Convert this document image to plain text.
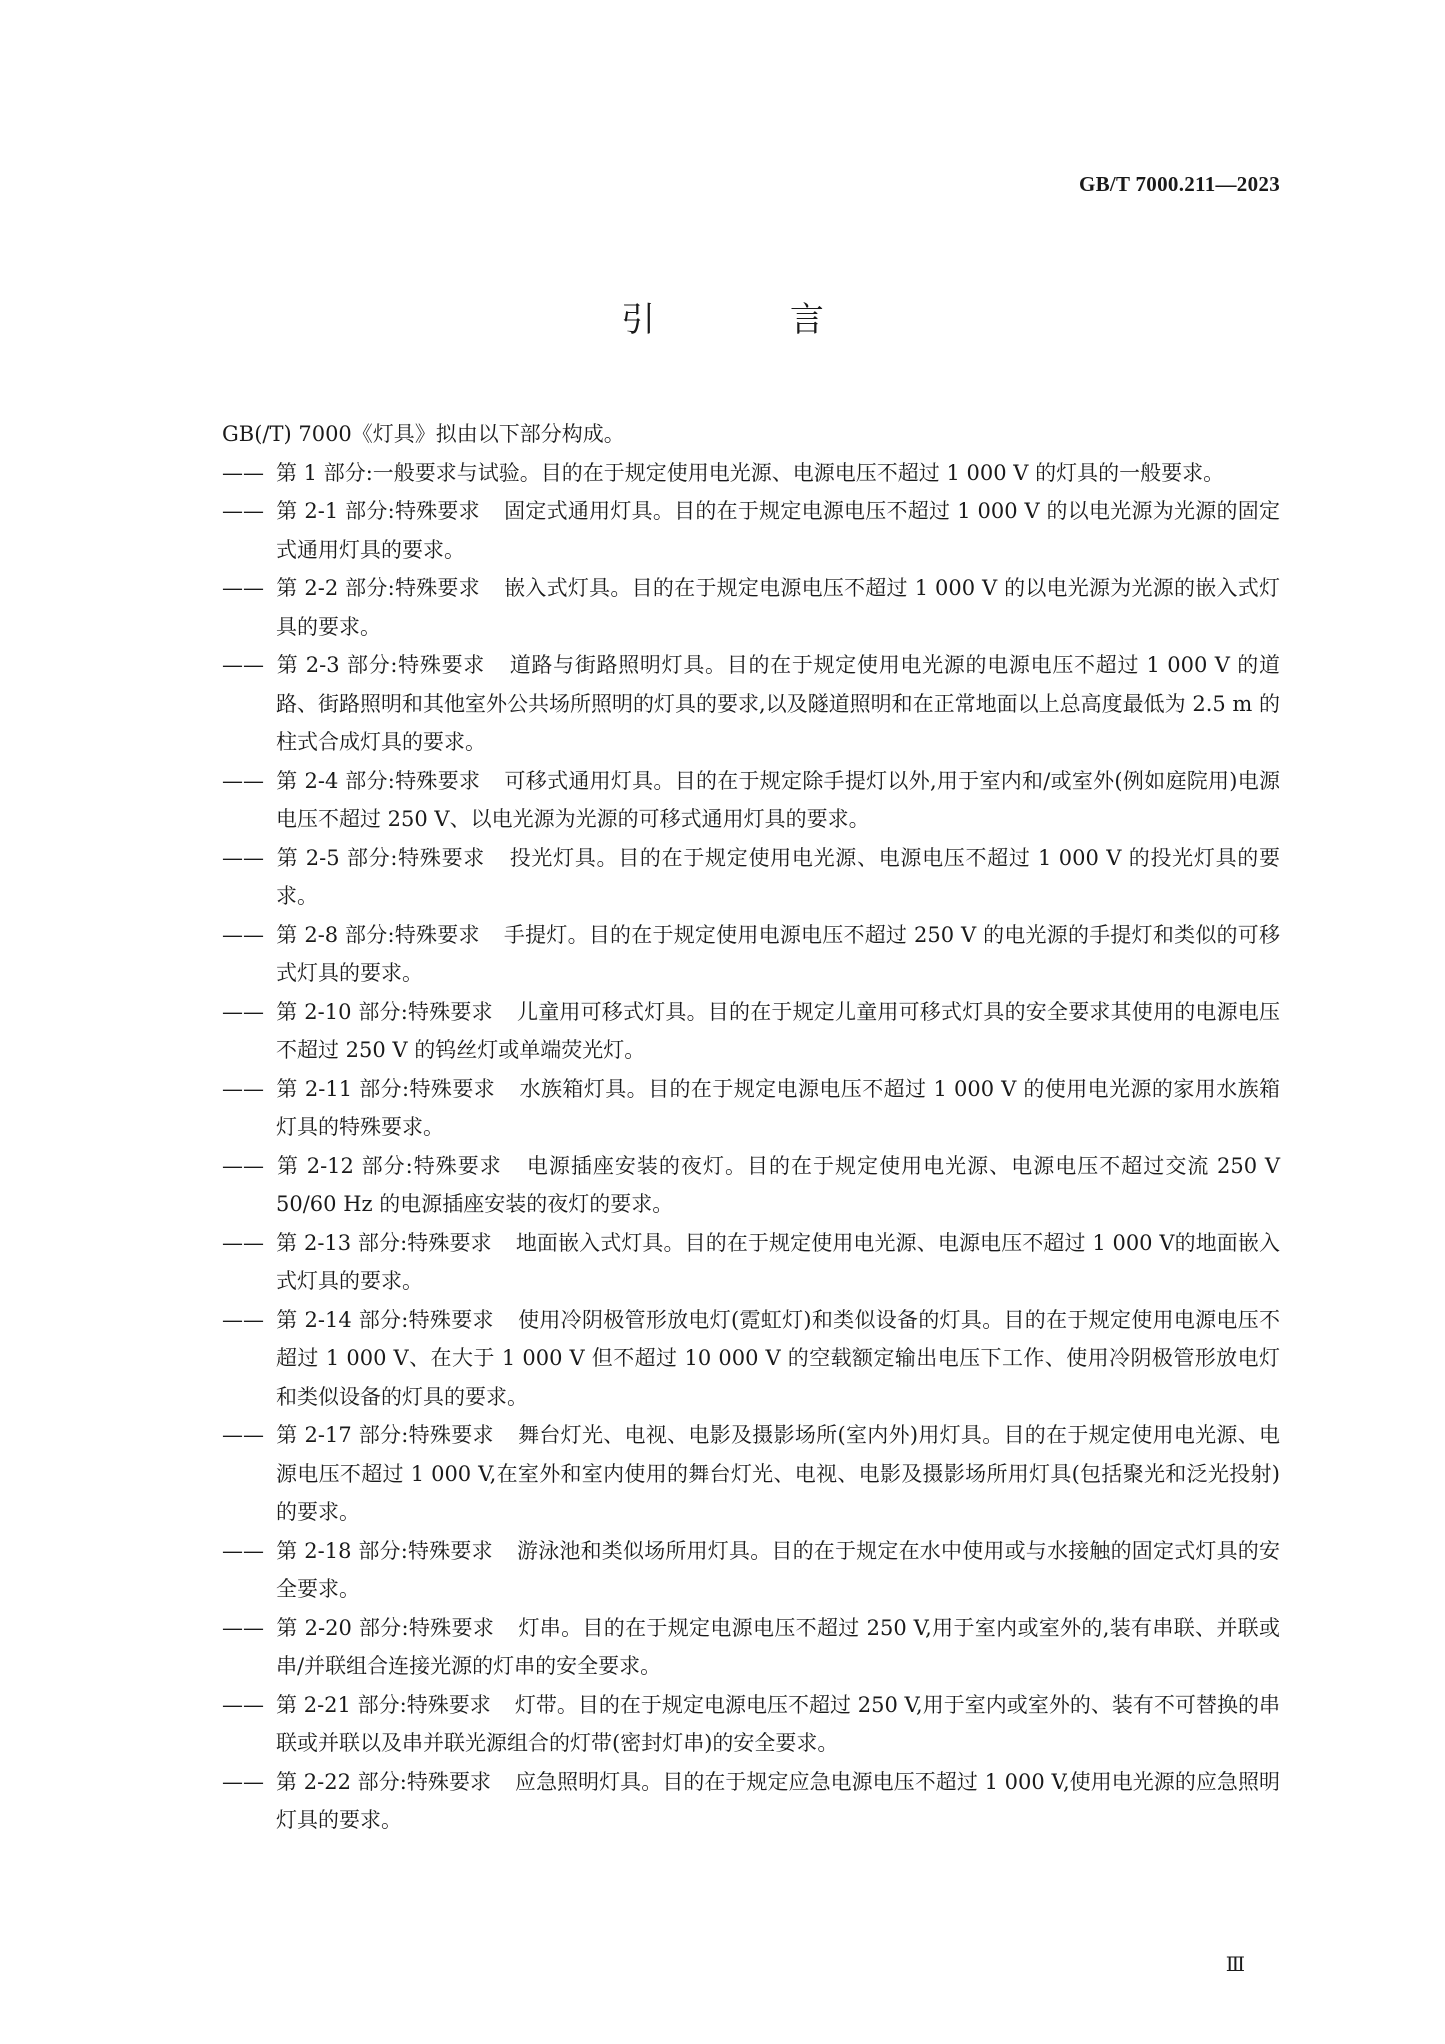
GB/T 7000.211—2023
引 言

GB(/T) 7000《灯具》拟由以下部分构成。

—— 第 1 部分:一般要求与试验。目的在于规定使用电光源、电源电压不超过 1 000 V 的灯具的一般要求。
—— 第 2-1 部分:特殊要求 固定式通用灯具。目的在于规定电源电压不超过 1 000 V 的以电光源为光源的固定式通用灯具的要求。
—— 第 2-2 部分:特殊要求 嵌入式灯具。目的在于规定电源电压不超过 1 000 V 的以电光源为光源的嵌入式灯具的要求。
—— 第 2-3 部分:特殊要求 道路与街路照明灯具。目的在于规定使用电光源的电源电压不超过 1 000 V 的道路、街路照明和其他室外公共场所照明的灯具的要求,以及隧道照明和在正常地面以上总高度最低为 2.5 m 的柱式合成灯具的要求。
—— 第 2-4 部分:特殊要求 可移式通用灯具。目的在于规定除手提灯以外,用于室内和/或室外(例如庭院用)电源电压不超过 250 V、以电光源为光源的可移式通用灯具的要求。
—— 第 2-5 部分:特殊要求 投光灯具。目的在于规定使用电光源、电源电压不超过 1 000 V 的投光灯具的要求。
—— 第 2-8 部分:特殊要求 手提灯。目的在于规定使用电源电压不超过 250 V 的电光源的手提灯和类似的可移式灯具的要求。
—— 第 2-10 部分:特殊要求 儿童用可移式灯具。目的在于规定儿童用可移式灯具的安全要求其使用的电源电压不超过 250 V 的钨丝灯或单端荧光灯。
—— 第 2-11 部分:特殊要求 水族箱灯具。目的在于规定电源电压不超过 1 000 V 的使用电光源的家用水族箱灯具的特殊要求。
—— 第 2-12 部分:特殊要求 电源插座安装的夜灯。目的在于规定使用电光源、电源电压不超过交流 250 V 50/60 Hz 的电源插座安装的夜灯的要求。
—— 第 2-13 部分:特殊要求 地面嵌入式灯具。目的在于规定使用电光源、电源电压不超过 1 000 V的地面嵌入式灯具的要求。
—— 第 2-14 部分:特殊要求 使用冷阴极管形放电灯(霓虹灯)和类似设备的灯具。目的在于规定使用电源电压不超过 1 000 V、在大于 1 000 V 但不超过 10 000 V 的空载额定输出电压下工作、使用冷阴极管形放电灯和类似设备的灯具的要求。
—— 第 2-17 部分:特殊要求 舞台灯光、电视、电影及摄影场所(室内外)用灯具。目的在于规定使用电光源、电源电压不超过 1 000 V,在室外和室内使用的舞台灯光、电视、电影及摄影场所用灯具(包括聚光和泛光投射)的要求。
—— 第 2-18 部分:特殊要求 游泳池和类似场所用灯具。目的在于规定在水中使用或与水接触的固定式灯具的安全要求。
—— 第 2-20 部分:特殊要求 灯串。目的在于规定电源电压不超过 250 V,用于室内或室外的,装有串联、并联或串/并联组合连接光源的灯串的安全要求。
—— 第 2-21 部分:特殊要求 灯带。目的在于规定电源电压不超过 250 V,用于室内或室外的、装有不可替换的串联或并联以及串并联光源组合的灯带(密封灯串)的安全要求。
—— 第 2-22 部分:特殊要求 应急照明灯具。目的在于规定应急电源电压不超过 1 000 V,使用电光源的应急照明灯具的要求。
Ⅲ
